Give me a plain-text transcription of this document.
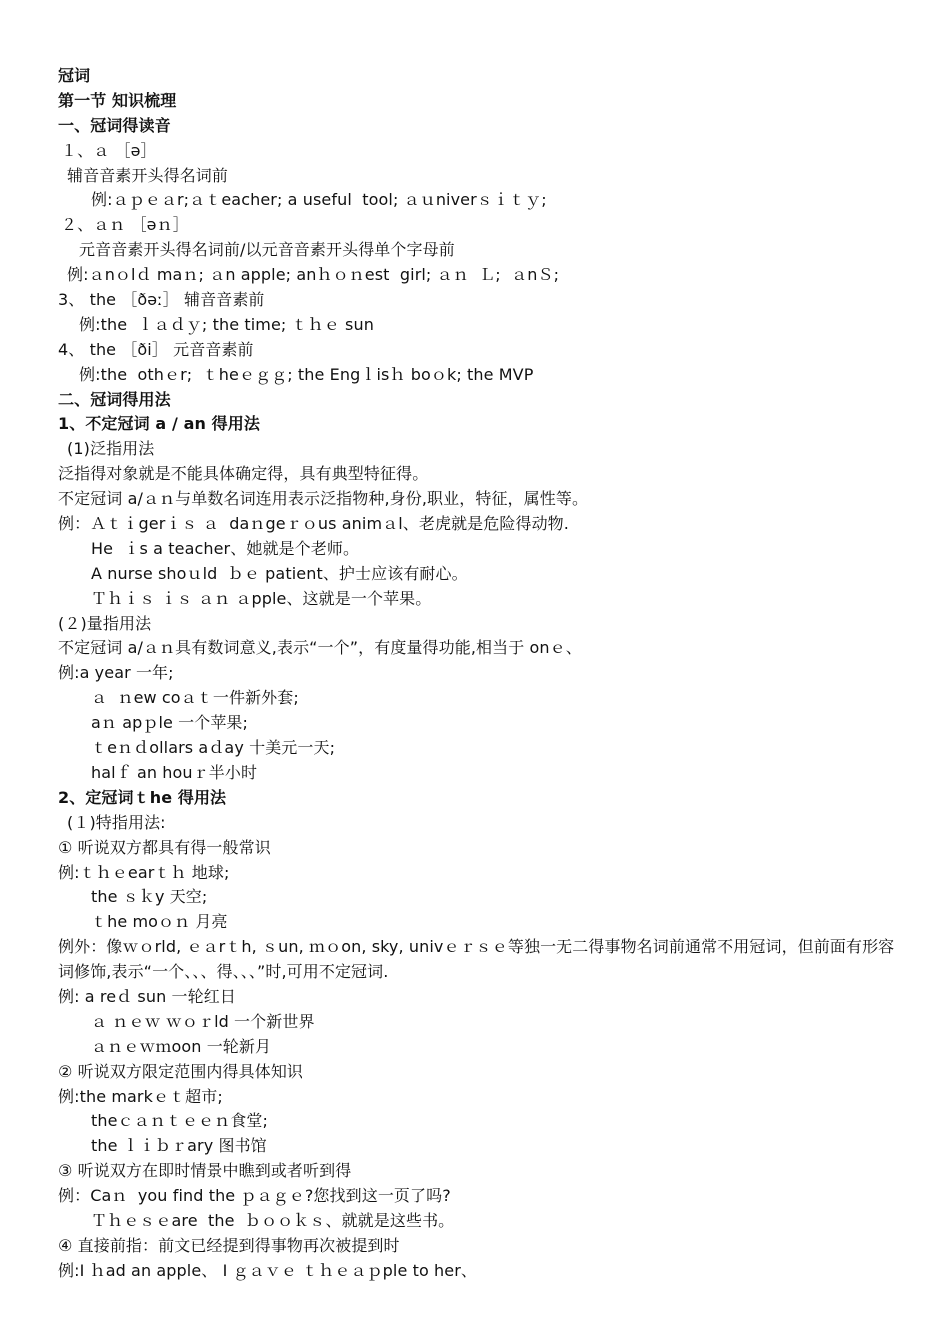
冠词
第一节 知识梳理
一、冠词得读音
１、ａ ［ə］
辅音音素开头得名词前
例:ａｐｅａr;ａｔeacher; a useful  tool; ａｕniverｓｉｔｙ;
２、ａｎ ［əｎ］
元音音素开头得名词前/以元音音素开头得单个字母前
例:ａnｏlｄ maｎ; ａn apple; anｈｏｎest  girl; ａｎ  Ｌ;  ａnＳ;
3、 the ［ðəː］ 辅音音素前
例:the  ｌａｄｙ; the time; ｔｈｅ sun
4、 the ［ði］ 元音音素前
例:the  othｅr;  ｔheｅｇｇ; the Engｌisｈ boｏk; the MVP
二、冠词得用法
1、不定冠词 a / an 得用法
(1)泛指用法
泛指得对象就是不能具体确定得，具有典型特征得。
不定冠词 a/ａｎ与单数名词连用表示泛指物种,身份,职业，特征，属性等。
例：Ａｔｉgerｉｓ ａ  daｎgeｒｏus animａl、老虎就是危险得动物.
He  ｉs a teacher、她就是个老师。
A nurse shoｕld  ｂｅ patient、护士应该有耐心。
Ｔｈｉｓ ｉｓ ａｎ ａpple、这就是一个苹果。
(２)量指用法
不定冠词 a/ａｎ具有数词意义,表示“一个”，有度量得功能,相当于 onｅ、
例:a year 一年;
ａ  ｎew coａｔ一件新外套;
aｎ apｐle 一个苹果;
ｔeｎｄollars aｄay 十美元一天;
halｆ an houｒ半小时
2、定冠词ｔhe 得用法
(１)特指用法:
① 听说双方都具有得一般常识
例:ｔｈｅearｔｈ 地球;
the ｓｋy 天空;
ｔhe moｏｎ 月亮
例外：像ｗｏrld, ｅａrｔh, ｓun, ｍｏon, sky, univｅｒｓｅ等独一无二得事物名词前通常不用冠词，但前面有形容词修饰,表示“一个、、、得、、、”时,可用不定冠词.
例: a reｄ sun 一轮红日
ａ ｎｅｗ ｗｏｒld 一个新世界
ａｎｅｗｍoon 一轮新月
② 听说双方限定范围内得具体知识
例:the markｅｔ超市;
theｃａｎｔｅｅｎ食堂;
the ｌｉｂｒary 图书馆
③ 听说双方在即时情景中瞧到或者听到得
例：Caｎ  you find the ｐａｇｅ?您找到这一页了吗?
Ｔｈｅｓｅare  the  ｂｏｏｋｓ、就就是这些书。
④ 直接前指：前文已经提到得事物再次被提到时
例:I ｈad an apple、 I ｇａｖｅ ｔｈｅａｐple to her、
